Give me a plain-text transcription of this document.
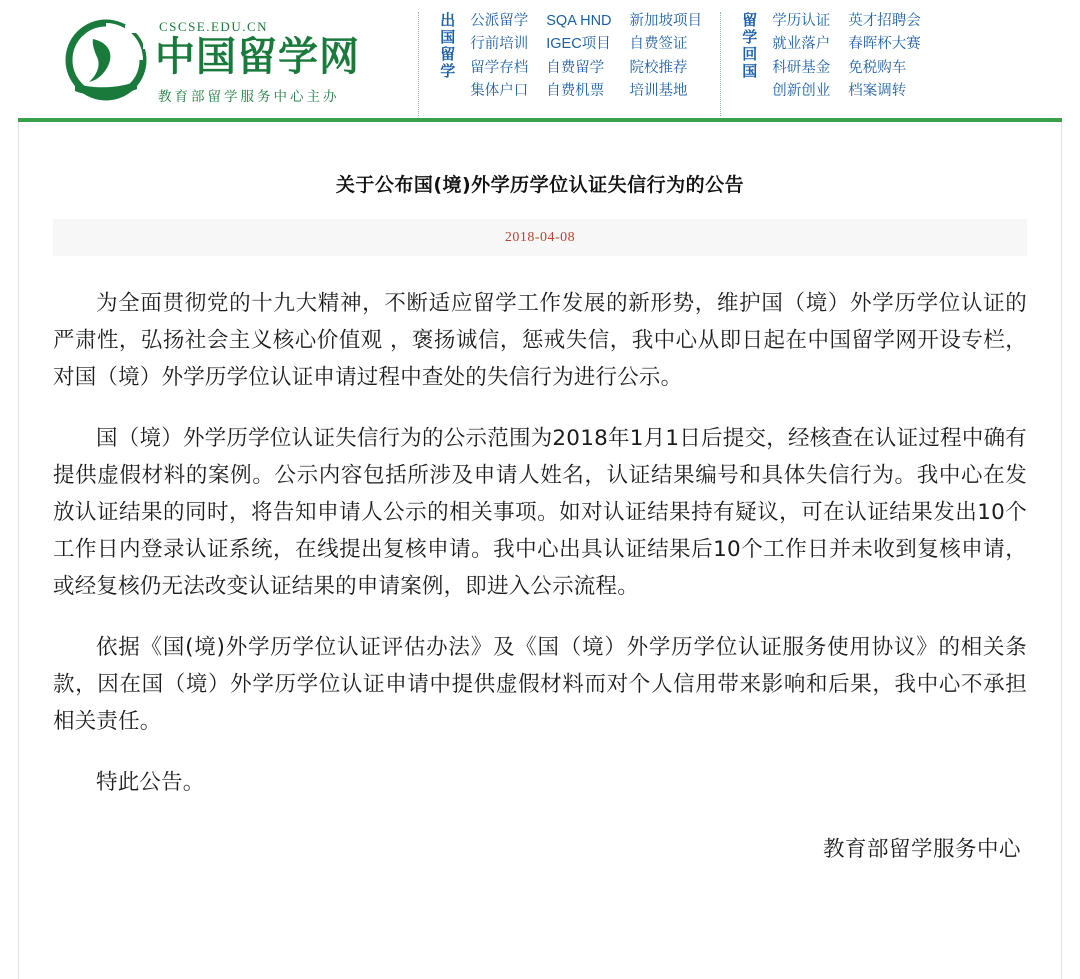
CSCSE.EDU.CN
中国留学网
教育部留学服务中心主办
出国留学 公派留学
行前培训
留学存档
集体户口
SQA HND
IGEC项目
自费留学
自费机票
新加坡项目
自费签证
院校推荐
培训基地
留学回国 学历认证
就业落户
科研基金
创新创业
英才招聘会
春晖杯大赛
免税购车
档案调转
关于公布国(境)外学历学位认证失信行为的公告
2018-04-08

为全面贯彻党的十九大精神，不断适应留学工作发展的新形势，维护国（境）外学历学位认证的严肃性，弘扬社会主义核心价值观 ，褒扬诚信，惩戒失信，我中心从即日起在中国留学网开设专栏，对国（境）外学历学位认证申请过程中查处的失信行为进行公示。

国（境）外学历学位认证失信行为的公示范围为2018年1月1日后提交，经核查在认证过程中确有提供虚假材料的案例。公示内容包括所涉及申请人姓名，认证结果编号和具体失信行为。我中心在发放认证结果的同时，将告知申请人公示的相关事项。如对认证结果持有疑议，可在认证结果发出10个工作日内登录认证系统，在线提出复核申请。我中心出具认证结果后10个工作日并未收到复核申请，或经复核仍无法改变认证结果的申请案例，即进入公示流程。

依据《国(境)外学历学位认证评估办法》及《国（境）外学历学位认证服务使用协议》的相关条款，因在国（境）外学历学位认证申请中提供虚假材料而对个人信用带来影响和后果，我中心不承担相关责任。

特此公告。

教育部留学服务中心
